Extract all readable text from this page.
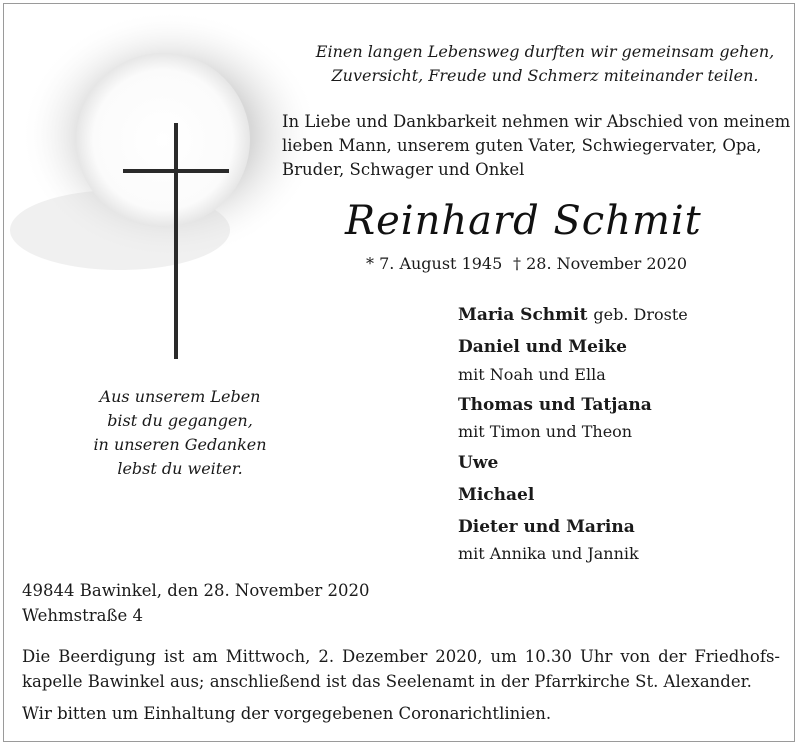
Einen langen Lebensweg durften wir gemeinsam gehen,
Zuversicht, Freude und Schmerz miteinander teilen.
In Liebe und Dankbarkeit nehmen wir Abschied von meinem
lieben Mann, unserem guten Vater, Schwiegervater, Opa,
Bruder, Schwager und Onkel
Reinhard Schmit
* 7. August 1945 † 28. November 2020
Aus unserem Leben
bist du gegangen,
in unseren Gedanken
lebst du weiter.
Maria Schmit geb. Droste
Daniel und Meike
mit Noah und Ella
Thomas und Tatjana
mit Timon und Theon
Uwe
Michael
Dieter und Marina
mit Annika und Jannik
49844 Bawinkel, den 28. November 2020
Wehmstraße 4
Die Beerdigung ist am Mittwoch, 2. Dezember 2020, um 10.30 Uhr von der Friedhofs-
kapelle Bawinkel aus; anschließend ist das Seelenamt in der Pfarrkirche St. Alexander.
Wir bitten um Einhaltung der vorgegebenen Coronarichtlinien.
